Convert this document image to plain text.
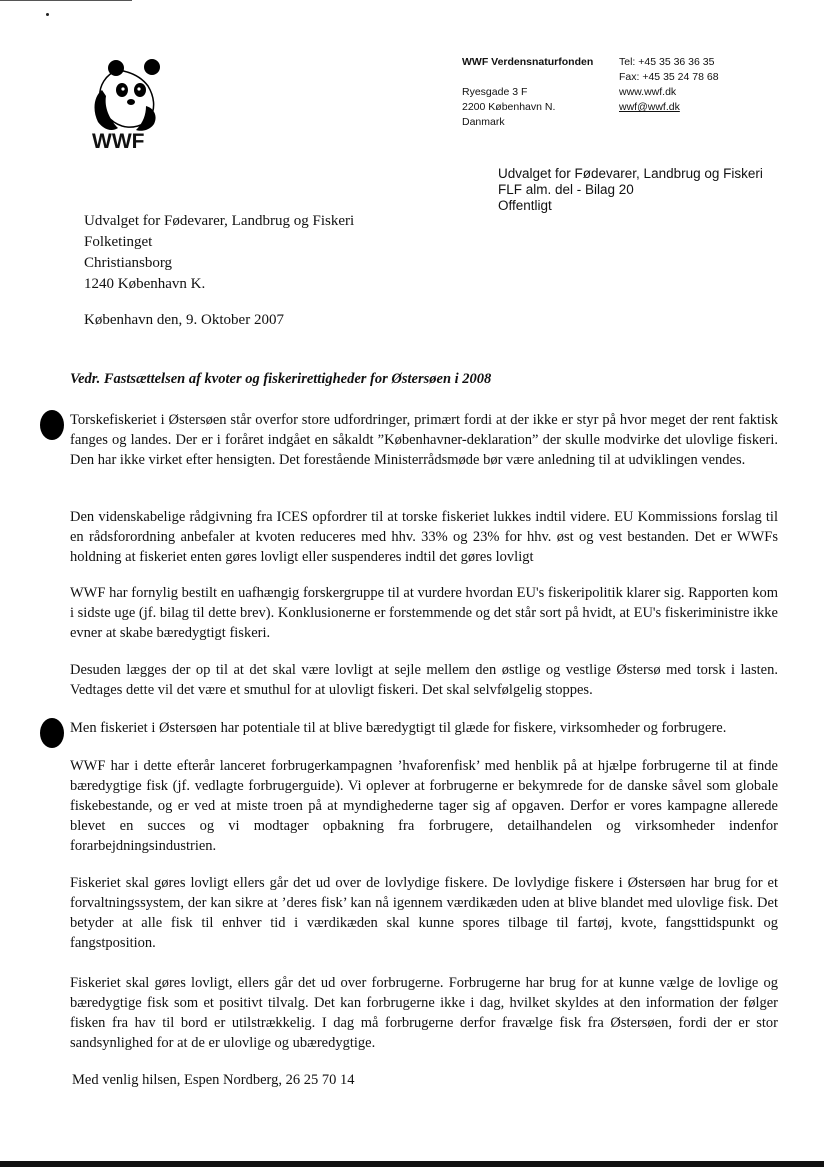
WWF
WWF Verdensnaturfonden
Ryesgade 3 F
2200 København N.
Danmark
Tel: +45 35 36 36 35
Fax: +45 35 24 78 68
www.wwf.dk
wwf@wwf.dk
Udvalget for Fødevarer, Landbrug og Fiskeri
FLF alm. del - Bilag 20
Offentligt
Udvalget for Fødevarer, Landbrug og Fiskeri
Folketinget
Christiansborg
1240 København K.
København den, 9. Oktober 2007
Vedr. Fastsættelsen af kvoter og fiskerirettigheder for Østersøen i 2008

Torskefiskeriet i Østersøen står overfor store udfordringer, primært fordi at der ikke er styr på hvor meget der rent faktisk fanges og landes. Der er i foråret indgået en såkaldt ”Københavner-deklaration” der skulle modvirke det ulovlige fiskeri. Den har ikke virket efter hensigten. Det forestående Ministerrådsmøde bør være anledning til at udviklingen vendes.

Den videnskabelige rådgivning fra ICES opfordrer til at torske fiskeriet lukkes indtil videre. EU Kommissions forslag til en rådsforordning anbefaler at kvoten reduceres med hhv. 33% og 23% for hhv. øst og vest bestanden. Det er WWFs holdning at fiskeriet enten gøres lovligt eller suspenderes indtil det gøres lovligt

WWF har fornylig bestilt en uafhængig forskergruppe til at vurdere hvordan EU's fiskeripolitik klarer sig. Rapporten kom i sidste uge (jf. bilag til dette brev). Konklusionerne er forstemmende og det står sort på hvidt, at EU's fiskeriministre ikke evner at skabe bæredygtigt fiskeri.

Desuden lægges der op til at det skal være lovligt at sejle mellem den østlige og vestlige Østersø med torsk i lasten. Vedtages dette vil det være et smuthul for at ulovligt fiskeri. Det skal selvfølgelig stoppes.

Men fiskeriet i Østersøen har potentiale til at blive bæredygtigt til glæde for fiskere, virksomheder og forbrugere.

WWF har i dette efterår lanceret forbrugerkampagnen ’hvaforenfisk’ med henblik på at hjælpe forbrugerne til at finde bæredygtige fisk (jf. vedlagte forbrugerguide). Vi oplever at forbrugerne er bekymrede for de danske såvel som globale fiskebestande, og er ved at miste troen på at myndighederne tager sig af opgaven. Derfor er vores kampagne allerede blevet en succes og vi modtager opbakning fra forbrugere, detailhandelen og virksomheder indenfor forarbejdningsindustrien.

Fiskeriet skal gøres lovligt ellers går det ud over de lovlydige fiskere. De lovlydige fiskere i Østersøen har brug for et forvaltningssystem, der kan sikre at ’deres fisk’ kan nå igennem værdikæden uden at blive blandet med ulovlige fisk. Det betyder at alle fisk til enhver tid i værdikæden skal kunne spores tilbage til fartøj, kvote, fangsttidspunkt og fangstposition.

Fiskeriet skal gøres lovligt, ellers går det ud over forbrugerne. Forbrugerne har brug for at kunne vælge de lovlige og bæredygtige fisk som et positivt tilvalg. Det kan forbrugerne ikke i dag, hvilket skyldes at den information der følger fisken fra hav til bord er utilstrækkelig. I dag må forbrugerne derfor fravælge fisk fra Østersøen, fordi der er stor sandsynlighed for at de er ulovlige og ubæredygtige.

Med venlig hilsen, Espen Nordberg, 26 25 70 14
